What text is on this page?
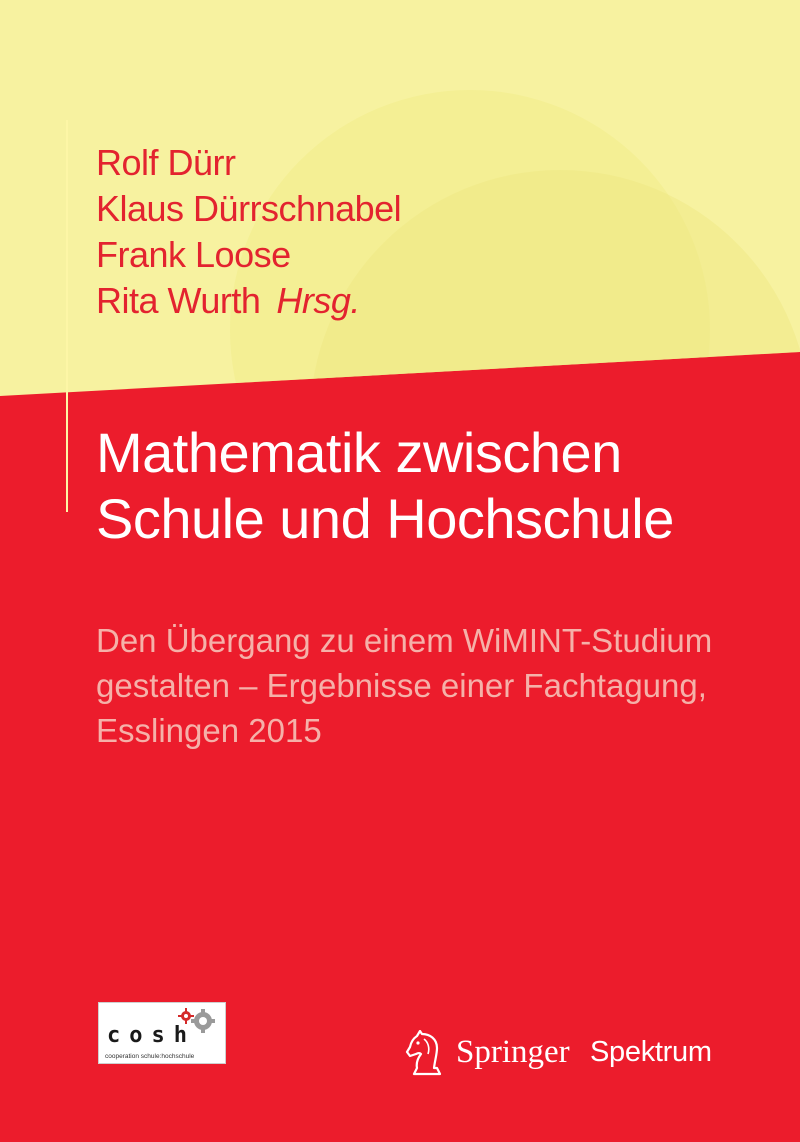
Rolf Dürr
Klaus Dürrschnabel
Frank Loose
Rita Wurth Hrsg.
Mathematik zwischen
Schule und Hochschule
Den Übergang zu einem WiMINT-Studium
gestalten – Ergebnisse einer Fachtagung,
Esslingen 2015
cosh
cooperation schule:hochschule	Springer Spektrum
